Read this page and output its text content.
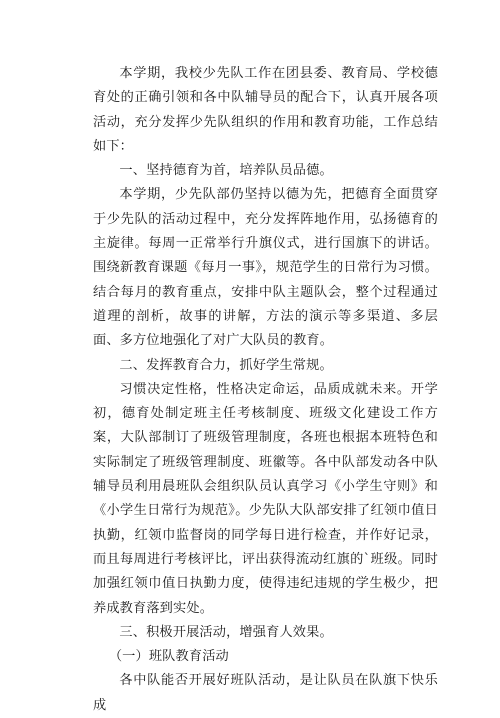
本学期，我校少先队工作在团县委、教育局、学校德育处的正确引领和各中队辅导员的配合下，认真开展各项活动，充分发挥少先队组织的作用和教育功能，工作总结如下：

一、坚持德育为首，培养队员品德。

本学期，少先队部仍坚持以德为先，把德育全面贯穿于少先队的活动过程中，充分发挥阵地作用，弘扬德育的主旋律。每周一正常举行升旗仪式，进行国旗下的讲话。围绕新教育课题《每月一事》，规范学生的日常行为习惯。结合每月的教育重点，安排中队主题队会，整个过程通过道理的剖析，故事的讲解，方法的演示等多渠道、多层面、多方位地强化了对广大队员的教育。

二、发挥教育合力，抓好学生常规。

习惯决定性格，性格决定命运，品质成就未来。开学初，德育处制定班主任考核制度、班级文化建设工作方案，大队部制订了班级管理制度，各班也根据本班特色和实际制定了班级管理制度、班徽等。各中队部发动各中队辅导员利用晨班队会组织队员认真学习《小学生守则》和《小学生日常行为规范》。少先队大队部安排了红领巾值日执勤，红领巾监督岗的同学每日进行检查，并作好记录，而且每周进行考核评比，评出获得流动红旗的`班级。同时加强红领巾值日执勤力度，使得违纪违规的学生极少，把养成教育落到实处。

三、积极开展活动，增强育人效果。

（一）班队教育活动

各中队能否开展好班队活动，是让队员在队旗下快乐成
